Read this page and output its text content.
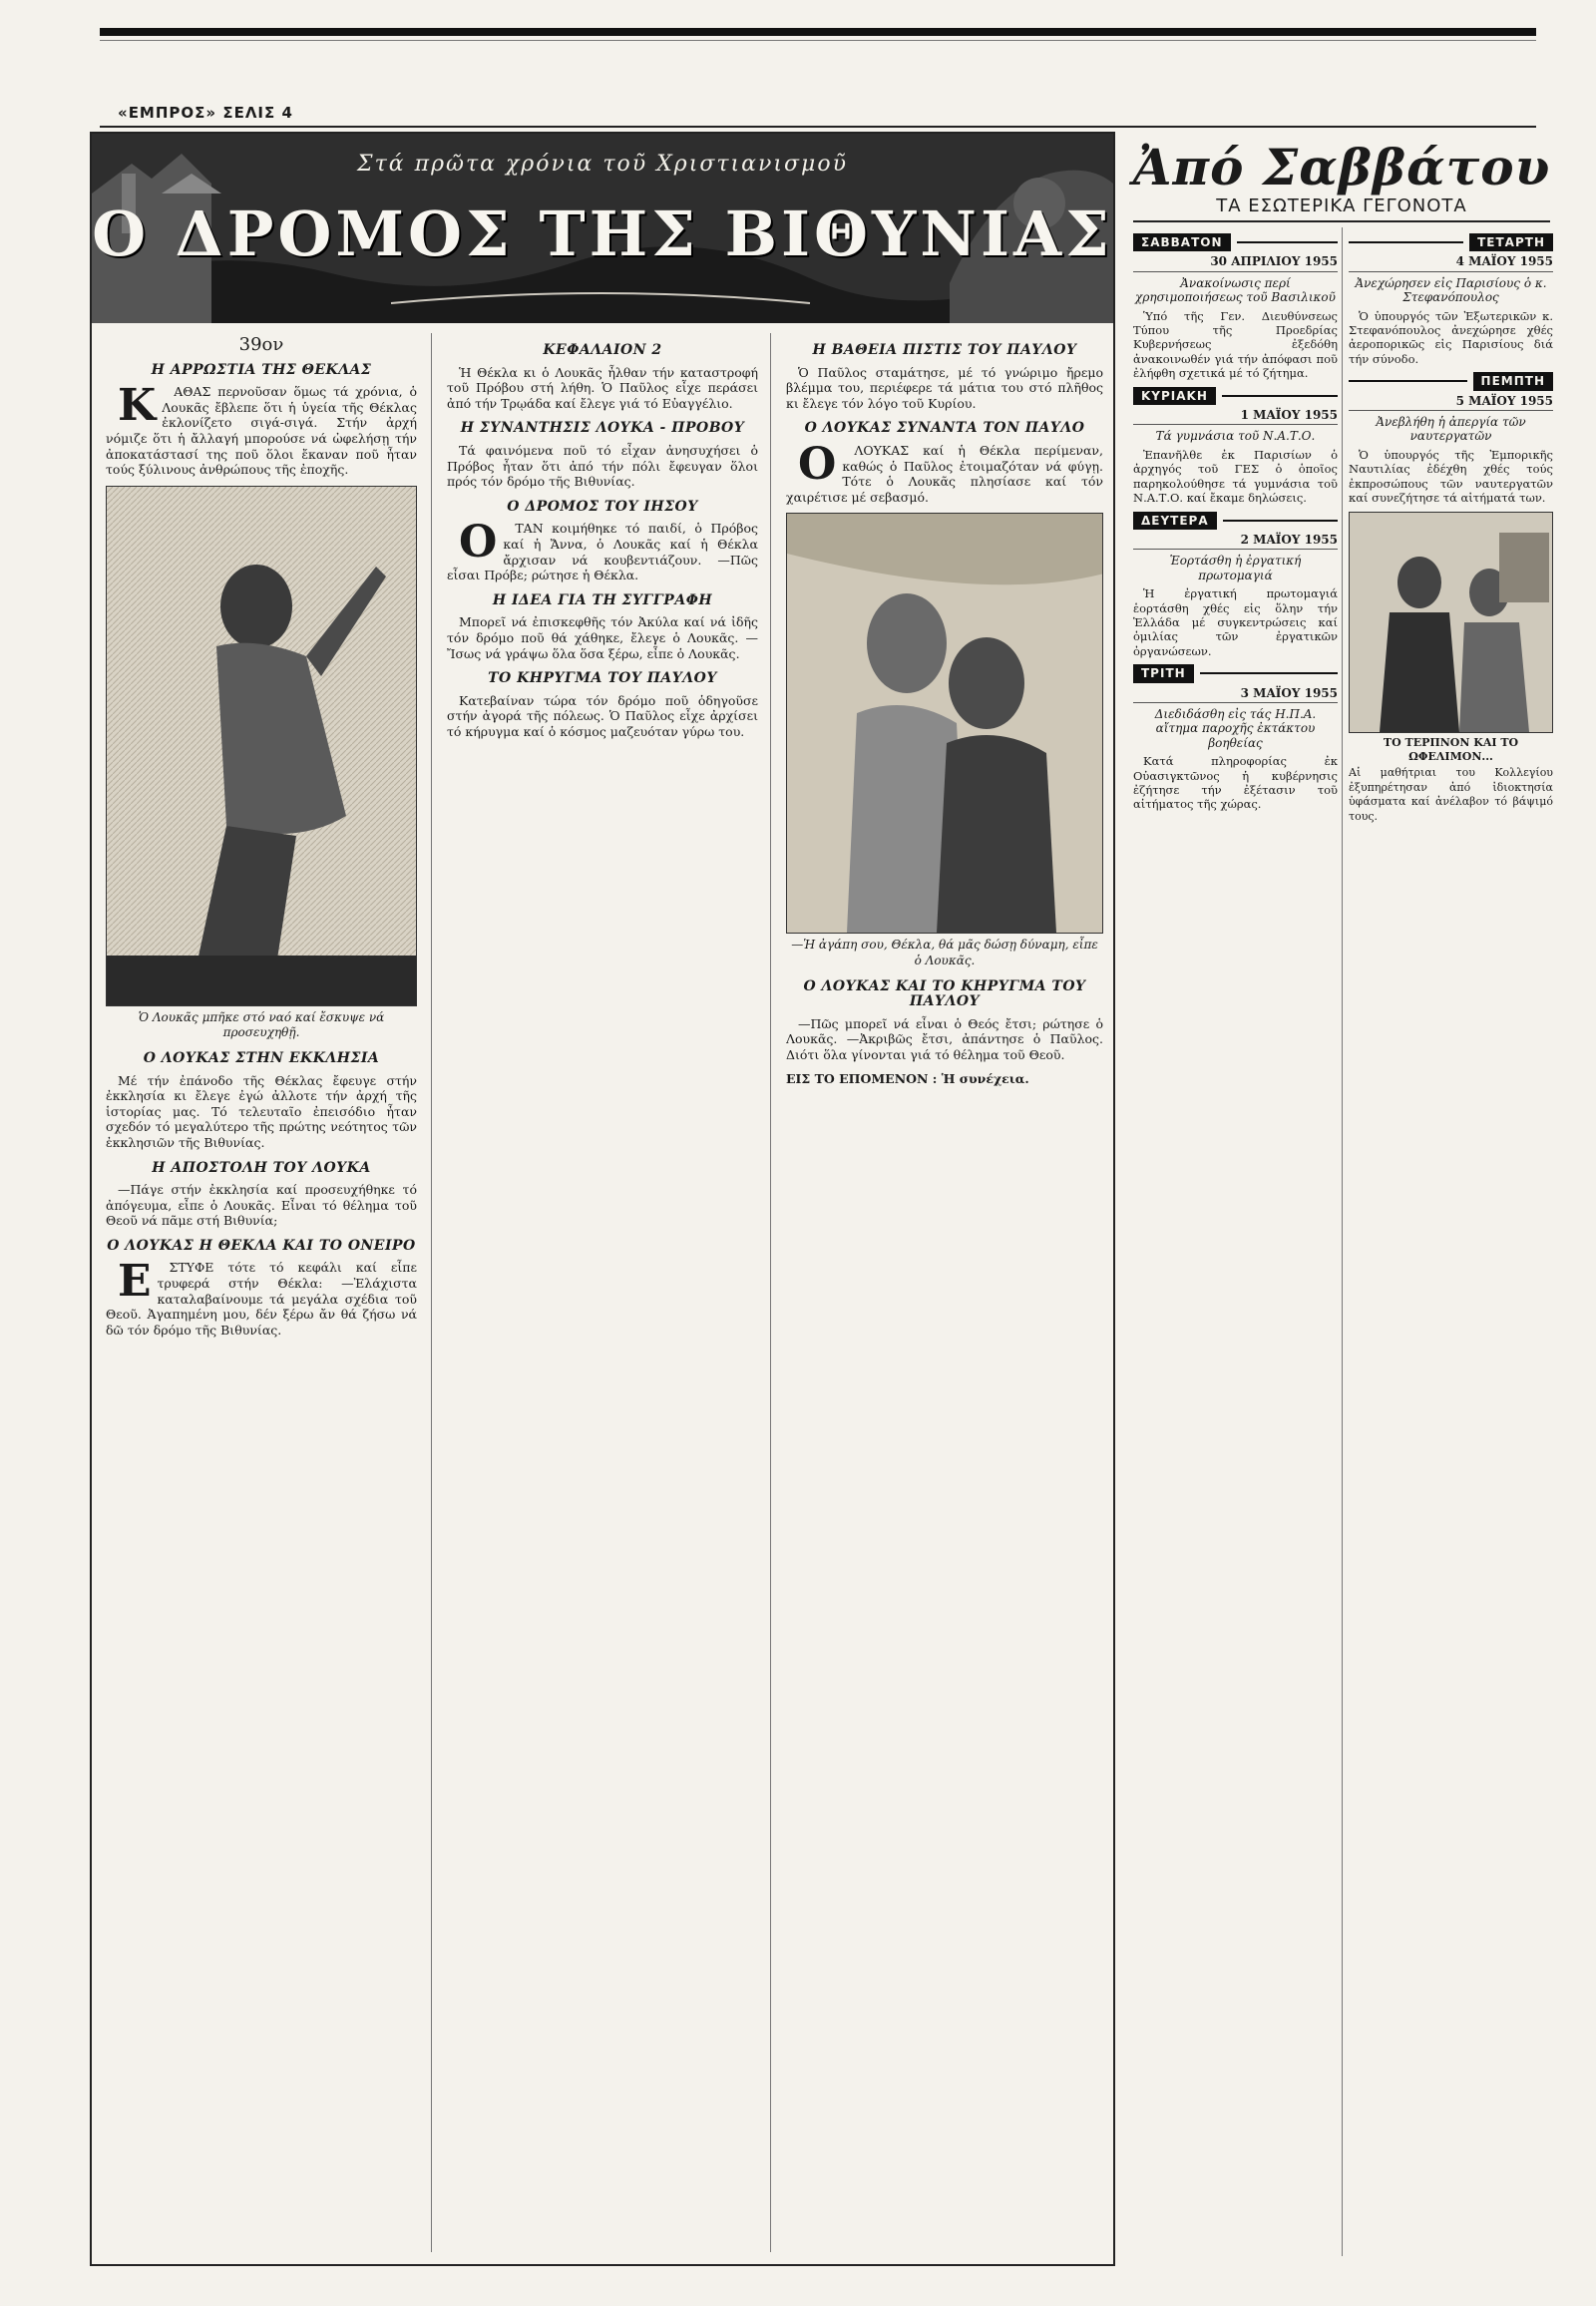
«ΕΜΠΡΟΣ» ΣΕΛΙΣ 4
Στά πρῶτα χρόνια τοῦ Χριστιανισμοῦ
Ο ΔΡΟΜΟΣ ΤΗΣ ΒΙΘΥΝΙΑΣ
39ον
Η ΑΡΡΩΣΤΙΑ ΤΗΣ ΘΕΚΛΑΣ

Κ ΑΘΑΣ περνοῦσαν ὅμως τά χρόνια, ὁ Λουκᾶς ἔβλεπε ὅτι ἡ ὑγεία τῆς Θέκλας ἐκλονίζετο σιγά-σιγά. Στήν ἀρχή νόμιζε ὅτι ἡ ἄλλαγή μπορούσε νά ὠφελήσῃ τήν ἀποκατάστασί της ποῦ ὅλοι ἔκαναν ποῦ ἦταν τούς ξύλινους ἀνθρώπους τῆς ἐποχῆς.

Ὁ Λουκᾶς μπῆκε στό ναό καί ἔσκυψε νά προσευχηθῇ.
Ο ΛΟΥΚΑΣ ΣΤΗΝ ΕΚΚΛΗΣΙΑ

Μέ τήν ἐπάνοδο τῆς Θέκλας ἔφευγε στήν ἐκκλησία κι ἔλεγε ἐγώ ἀλλοτε τήν ἀρχή τῆς ἱστορίας μας. Τό τελευταῖο ἐπεισόδιο ἦταν σχεδόν τό μεγαλύτερο τῆς πρώτης νεότητος τῶν ἐκκλησιῶν τῆς Βιθυνίας.

Η ΑΠΟΣΤΟΛΗ ΤΟΥ ΛΟΥΚΑ

—Πάγε στήν ἐκκλησία καί προσευχήθηκε τό ἀπόγευμα, εἶπε ὁ Λουκᾶς. Εἶναι τό θέλημα τοῦ Θεοῦ νά πᾶμε στή Βιθυνία;

Ο ΛΟΥΚΑΣ Η ΘΕΚΛΑ ΚΑΙ ΤΟ ΟΝΕΙΡΟ

Ε ΣΤΥΦΕ τότε τό κεφάλι καί εἶπε τρυφερά στήν Θέκλα: —Ἐλάχιστα καταλαβαίνουμε τά μεγάλα σχέδια τοῦ Θεοῦ. Ἀγαπημένη μου, δέν ξέρω ἄν θά ζήσω νά δῶ τόν δρόμο τῆς Βιθυνίας.

ΚΕΦΑΛΑΙΟΝ 2

Ἡ Θέκλα κι ὁ Λουκᾶς ἦλθαν τήν καταστροφή τοῦ Πρόβου στή λήθη. Ὁ Παῦλος εἶχε περάσει ἀπό τήν Τρῳάδα καί ἔλεγε γιά τό Εὐαγγέλιο.

Η ΣΥΝΑΝΤΗΣΙΣ ΛΟΥΚΑ - ΠΡΟΒΟΥ

Τά φαινόμενα ποῦ τό εἶχαν ἀνησυχήσει ὁ Πρόβος ἦταν ὅτι ἀπό τήν πόλι ἔφευγαν ὅλοι πρός τόν δρόμο τῆς Βιθυνίας.

Ο ΔΡΟΜΟΣ ΤΟΥ ΙΗΣΟΥ

Ο ΤΑΝ κοιμήθηκε τό παιδί, ὁ Πρόβος καί ἡ Ἄννα, ὁ Λουκᾶς καί ἡ Θέκλα ἄρχισαν νά κουβεντιάζουν. —Πῶς εἶσαι Πρόβε; ρώτησε ἡ Θέκλα.

Η ΙΔΕΑ ΓΙΑ ΤΗ ΣΥΓΓΡΑΦΗ

Μπορεῖ νά ἐπισκεφθῆς τόν Ἀκύλα καί νά ἰδῆς τόν δρόμο ποῦ θά χάθηκε, ἔλεγε ὁ Λουκᾶς. —Ἴσως νά γράψω ὅλα ὅσα ξέρω, εἶπε ὁ Λουκᾶς.

ΤΟ ΚΗΡΥΓΜΑ ΤΟΥ ΠΑΥΛΟΥ

Κατεβαίναν τώρα τόν δρόμο ποῦ ὁδηγοῦσε στήν ἀγορά τῆς πόλεως. Ὁ Παῦλος εἶχε ἀρχίσει τό κήρυγμα καί ὁ κόσμος μαζευόταν γύρω του.

Η ΒΑΘΕΙΑ ΠΙΣΤΙΣ ΤΟΥ ΠΑΥΛΟΥ

Ὁ Παῦλος σταμάτησε, μέ τό γνώριμο ἤρεμο βλέμμα του, περιέφερε τά μάτια του στό πλῆθος κι ἔλεγε τόν λόγο τοῦ Κυρίου.

Ο ΛΟΥΚΑΣ ΣΥΝΑΝΤΑ ΤΟΝ ΠΑΥΛΟ

Ο ΛΟΥΚΑΣ καί ἡ Θέκλα περίμεναν, καθώς ὁ Παῦλος ἐτοιμαζόταν νά φύγῃ. Τότε ὁ Λουκᾶς πλησίασε καί τόν χαιρέτισε μέ σεβασμό.

—Ἡ ἀγάπη σου, Θέκλα, θά μᾶς δώσῃ δύναμη, εἶπε ὁ Λουκᾶς.
Ο ΛΟΥΚΑΣ ΚΑΙ ΤΟ ΚΗΡΥΓΜΑ ΤΟΥ ΠΑΥΛΟΥ

—Πῶς μπορεῖ νά εἶναι ὁ Θεός ἔτσι; ρώτησε ὁ Λουκᾶς. —Ἀκριβῶς ἔτσι, ἀπάντησε ὁ Παῦλος. Διότι ὅλα γίνονται γιά τό θέλημα τοῦ Θεοῦ.

ΕΙΣ ΤΟ ΕΠΟΜΕΝΟΝ : Ἡ συνέχεια.

Ἀπό Σαββάτου
ΤΑ ΕΣΩΤΕΡΙΚΑ ΓΕΓΟΝΟΤΑ
ΣΑΒΒΑΤΟΝ
30 ΑΠΡΙΛΙΟΥ 1955
Ἀνακοίνωσις περί χρησιμοποιήσεως τοῦ Βασιλικοῦ

Ὑπό τῆς Γεν. Διευθύνσεως Τύπου τῆς Προεδρίας Κυβερνήσεως ἐξεδόθη ἀνακοινωθέν γιά τήν ἀπόφασι ποῦ ἐλήφθη σχετικά μέ τό ζήτημα.

ΚΥΡΙΑΚΗ
1 ΜΑΪΟΥ 1955
Τά γυμνάσια τοῦ Ν.Α.Τ.Ο.

Ἐπανῆλθε ἐκ Παρισίων ὁ ἀρχηγός τοῦ ΓΕΣ ὁ ὁποῖος παρηκολούθησε τά γυμνάσια τοῦ Ν.Α.Τ.Ο. καί ἔκαμε δηλώσεις.

ΔΕΥΤΕΡΑ
2 ΜΑΪΟΥ 1955
Ἑορτάσθη ἡ ἐργατική πρωτομαγιά

Ἡ ἐργατική πρωτομαγιά ἑορτάσθη χθές εἰς ὅλην τήν Ἑλλάδα μέ συγκεντρώσεις καί ὁμιλίας τῶν ἐργατικῶν ὀργανώσεων.

ΤΡΙΤΗ
3 ΜΑΪΟΥ 1955
Διεδιδάσθη εἰς τάς Η.Π.Α. αἴτημα παροχῆς ἐκτάκτου βοηθείας

Κατά πληροφορίας ἐκ Οὐασιγκτῶνος ἡ κυβέρνησις ἐζήτησε τήν ἐξέτασιν τοῦ αἰτήματος τῆς χώρας.

ΤΕΤΑΡΤΗ
4 ΜΑΪΟΥ 1955
Ἀνεχώρησεν εἰς Παρισίους ὁ κ. Στεφανόπουλος

Ὁ ὑπουργός τῶν Ἐξωτερικῶν κ. Στεφανόπουλος ἀνεχώρησε χθές ἀεροπορικῶς εἰς Παρισίους διά τήν σύνοδο.

ΠΕΜΠΤΗ
5 ΜΑΪΟΥ 1955
Ἀνεβλήθη ἡ ἀπεργία τῶν ναυτεργατῶν

Ὁ ὑπουργός τῆς Ἐμπορικῆς Ναυτιλίας ἐδέχθη χθές τούς ἐκπροσώπους τῶν ναυτεργατῶν καί συνεζήτησε τά αἰτήματά των.

ΤΟ ΤΕΡΠΝΟΝ ΚΑΙ ΤΟ ΩΦΕΛΙΜΟΝ...
Αἱ μαθήτριαι του Κολλεγίου ἐξυπηρέτησαν ἀπό ἰδιοκτησία ὑφάσματα καί ἀνέλαβον τό βάψιμό τους.
